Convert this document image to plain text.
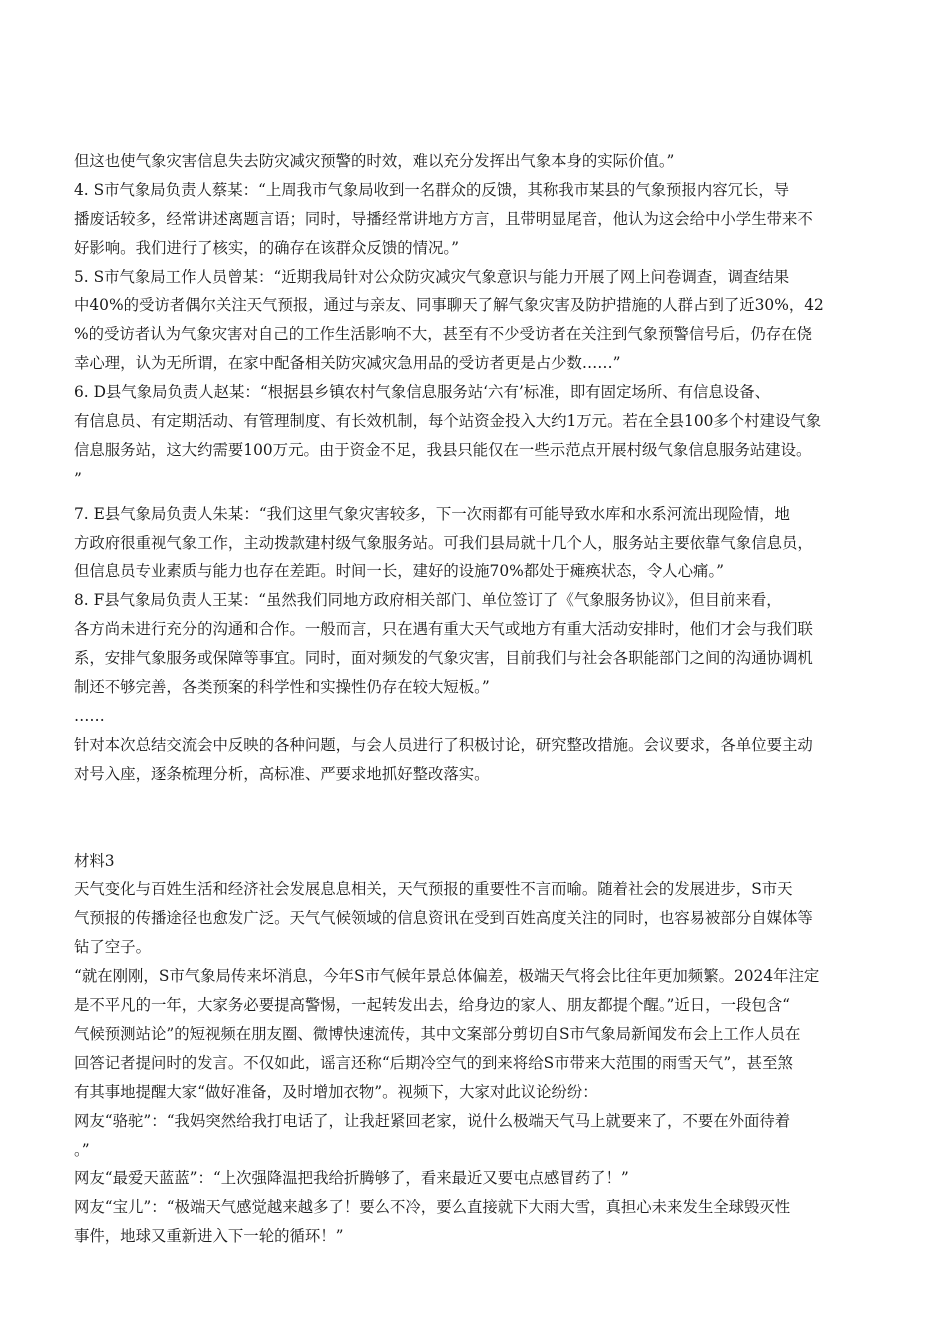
但这也使气象灾害信息失去防灾减灾预警的时效，难以充分发挥出气象本身的实际价值。”
4. S市气象局负责人蔡某：“上周我市气象局收到一名群众的反馈，其称我市某县的气象预报内容冗长，导
播废话较多，经常讲述离题言语；同时，导播经常讲地方方言，且带明显尾音，他认为这会给中小学生带来不
好影响。我们进行了核实，的确存在该群众反馈的情况。”
5. S市气象局工作人员曾某：“近期我局针对公众防灾减灾气象意识与能力开展了网上问卷调查，调查结果
中40%的受访者偶尔关注天气预报，通过与亲友、同事聊天了解气象灾害及防护措施的人群占到了近30%，42
%的受访者认为气象灾害对自己的工作生活影响不大，甚至有不少受访者在关注到气象预警信号后，仍存在侥
幸心理，认为无所谓，在家中配备相关防灾减灾急用品的受访者更是占少数……”
6. D县气象局负责人赵某：“根据县乡镇农村气象信息服务站‘六有’标准，即有固定场所、有信息设备、
有信息员、有定期活动、有管理制度、有长效机制，每个站资金投入大约1万元。若在全县100多个村建设气象
信息服务站，这大约需要100万元。由于资金不足，我县只能仅在一些示范点开展村级气象信息服务站建设。
”
7. E县气象局负责人朱某：“我们这里气象灾害较多，下一次雨都有可能导致水库和水系河流出现险情，地
方政府很重视气象工作，主动拨款建村级气象服务站。可我们县局就十几个人，服务站主要依靠气象信息员，
但信息员专业素质与能力也存在差距。时间一长，建好的设施70%都处于瘫痪状态，令人心痛。”
8. F县气象局负责人王某：“虽然我们同地方政府相关部门、单位签订了《气象服务协议》，但目前来看，
各方尚未进行充分的沟通和合作。一般而言，只在遇有重大天气或地方有重大活动安排时，他们才会与我们联
系，安排气象服务或保障等事宜。同时，面对频发的气象灾害，目前我们与社会各职能部门之间的沟通协调机
制还不够完善，各类预案的科学性和实操性仍存在较大短板。”
……
针对本次总结交流会中反映的各种问题，与会人员进行了积极讨论，研究整改措施。会议要求，各单位要主动
对号入座，逐条梳理分析，高标准、严要求地抓好整改落实。
材料3
天气变化与百姓生活和经济社会发展息息相关，天气预报的重要性不言而喻。随着社会的发展进步，S市天
气预报的传播途径也愈发广泛。天气气候领域的信息资讯在受到百姓高度关注的同时，也容易被部分自媒体等
钻了空子。
“就在刚刚，S市气象局传来坏消息，今年S市气候年景总体偏差，极端天气将会比往年更加频繁。2024年注定
是不平凡的一年，大家务必要提高警惕，一起转发出去，给身边的家人、朋友都提个醒。”近日，一段包含“
气候预测站论”的短视频在朋友圈、微博快速流传，其中文案部分剪切自S市气象局新闻发布会上工作人员在
回答记者提问时的发言。不仅如此，谣言还称“后期冷空气的到来将给S市带来大范围的雨雪天气”，甚至煞
有其事地提醒大家“做好准备，及时增加衣物”。视频下，大家对此议论纷纷：
网友“骆驼”：“我妈突然给我打电话了，让我赶紧回老家，说什么极端天气马上就要来了，不要在外面待着
。”
网友“最爱天蓝蓝”：“上次强降温把我给折腾够了，看来最近又要屯点感冒药了！”
网友“宝儿”：“极端天气感觉越来越多了！要么不冷，要么直接就下大雨大雪，真担心未来发生全球毁灭性
事件，地球又重新进入下一轮的循环！”
